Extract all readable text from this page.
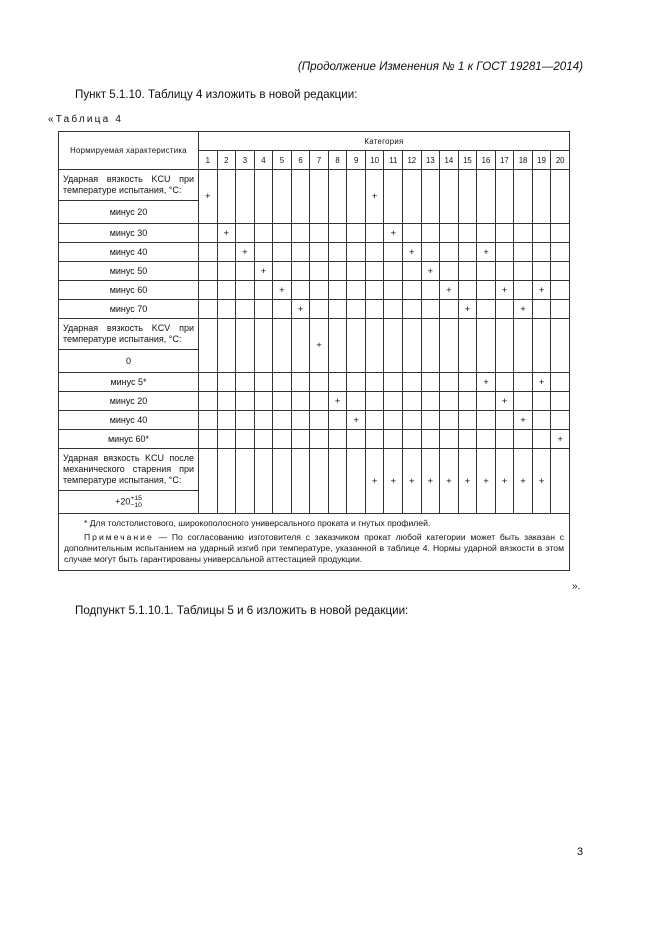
(Продолжение Изменения № 1 к ГОСТ 19281—2014)
Пункт 5.1.10. Таблицу 4 изложить в новой редакции:
«Таблица 4
Нормируемая характеристика	Категория																			
	1	2	3	4	5	6	7	8	9	10	11	12	13	14	15	16	17	18	19	20

Ударная вязкость KCU при температуре испытания, °С:	+									+										
минус 20																				
минус 30		+									+									
минус 40			+									+				+				
минус 50				+									+							
минус 60					+									+			+		+	
минус 70						+									+			+		

Ударная вязкость KCV при температуре испытания, °С:							+													
0																				
минус 5*																+			+	
минус 20								+									+			
минус 40									+									+		
минус 60*																				+

Ударная вязкость KCU после механического старения при температуре испытания, °С:										+	+	+	+	+	+	+	+	+	+	
+20+15
−10																				

* Для толстолистового, широкополосного универсального проката и гнутых профилей.
Примечание — По согласованию изготовителя с заказчиком прокат любой категории может быть заказан с дополнительным испытанием на ударный изгиб при температуре, указанной в таблице 4. Нормы ударной вязкости в этом случае могут быть гарантированы универсальной аттестацией продукции.																				
».
Подпункт 5.1.10.1. Таблицы 5 и 6 изложить в новой редакции:
3
